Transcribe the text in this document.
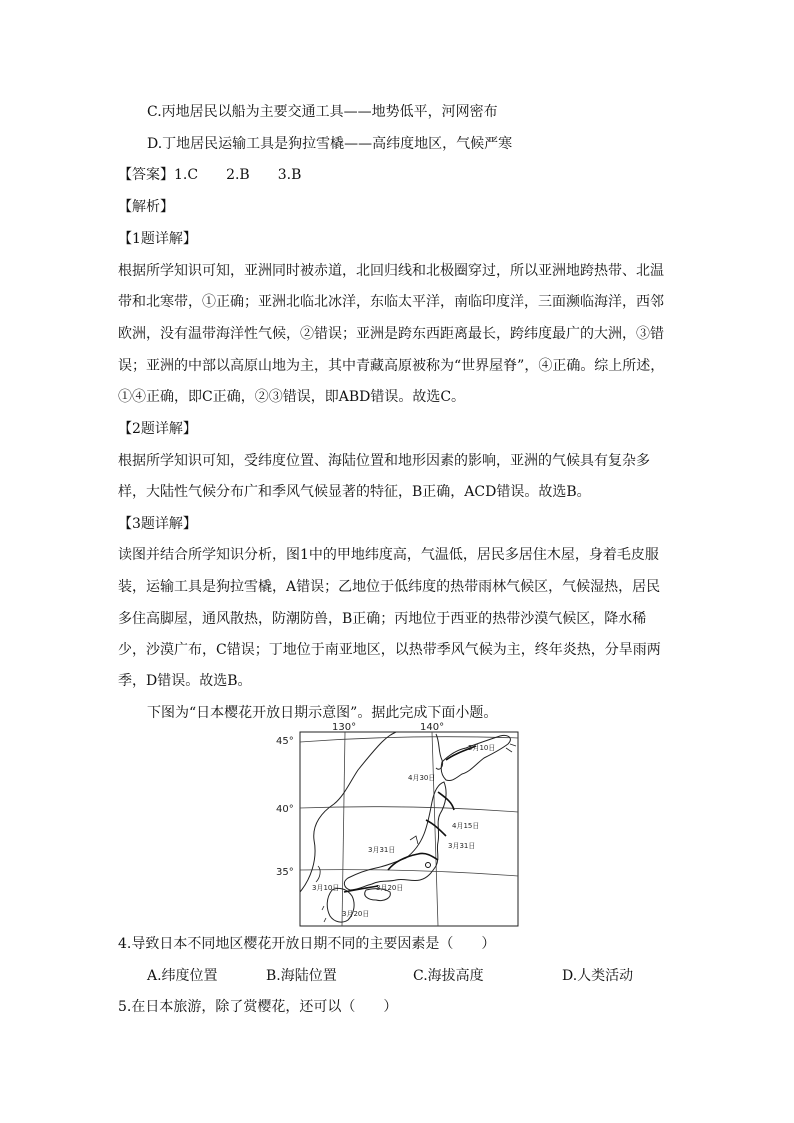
C.丙地居民以船为主要交通工具——地势低平，河网密布
D.丁地居民运输工具是狗拉雪橇——高纬度地区，气候严寒
【答案】1.C　　2.B　　3.B
【解析】
【1题详解】
根据所学知识可知，亚洲同时被赤道，北回归线和北极圈穿过，所以亚洲地跨热带、北温
带和北寒带，①正确；亚洲北临北冰洋，东临太平洋，南临印度洋，三面濒临海洋，西邻
欧洲，没有温带海洋性气候，②错误；亚洲是跨东西距离最长，跨纬度最广的大洲，③错
误；亚洲的中部以高原山地为主，其中青藏高原被称为“世界屋脊”，④正确。综上所述，
①④正确，即C正确，②③错误，即ABD错误。故选C。
【2题详解】
根据所学知识可知，受纬度位置、海陆位置和地形因素的影响，亚洲的气候具有复杂多
样，大陆性气候分布广和季风气候显著的特征，B正确，ACD错误。故选B。
【3题详解】
读图并结合所学知识分析，图1中的甲地纬度高，气温低，居民多居住木屋，身着毛皮服
装，运输工具是狗拉雪橇，A错误；乙地位于低纬度的热带雨林气候区，气候湿热，居民
多住高脚屋，通风散热，防潮防兽，B正确；丙地位于西亚的热带沙漠气候区，降水稀
少，沙漠广布，C错误；丁地位于南亚地区，以热带季风气候为主，终年炎热，分旱雨两
季，D错误。故选B。
下图为“日本樱花开放日期示意图”。据此完成下面小题。
130°	140°
45°
40°
35°
5月10日
4月30日
4月15日
3月31日	3月31日
3月20日
3月20日
3月10日
4.导致日本不同地区樱花开放日期不同的主要因素是（　　）
A.纬度位置	B.海陆位置	C.海拔高度	D.人类活动
5.在日本旅游，除了赏樱花，还可以（　　）
